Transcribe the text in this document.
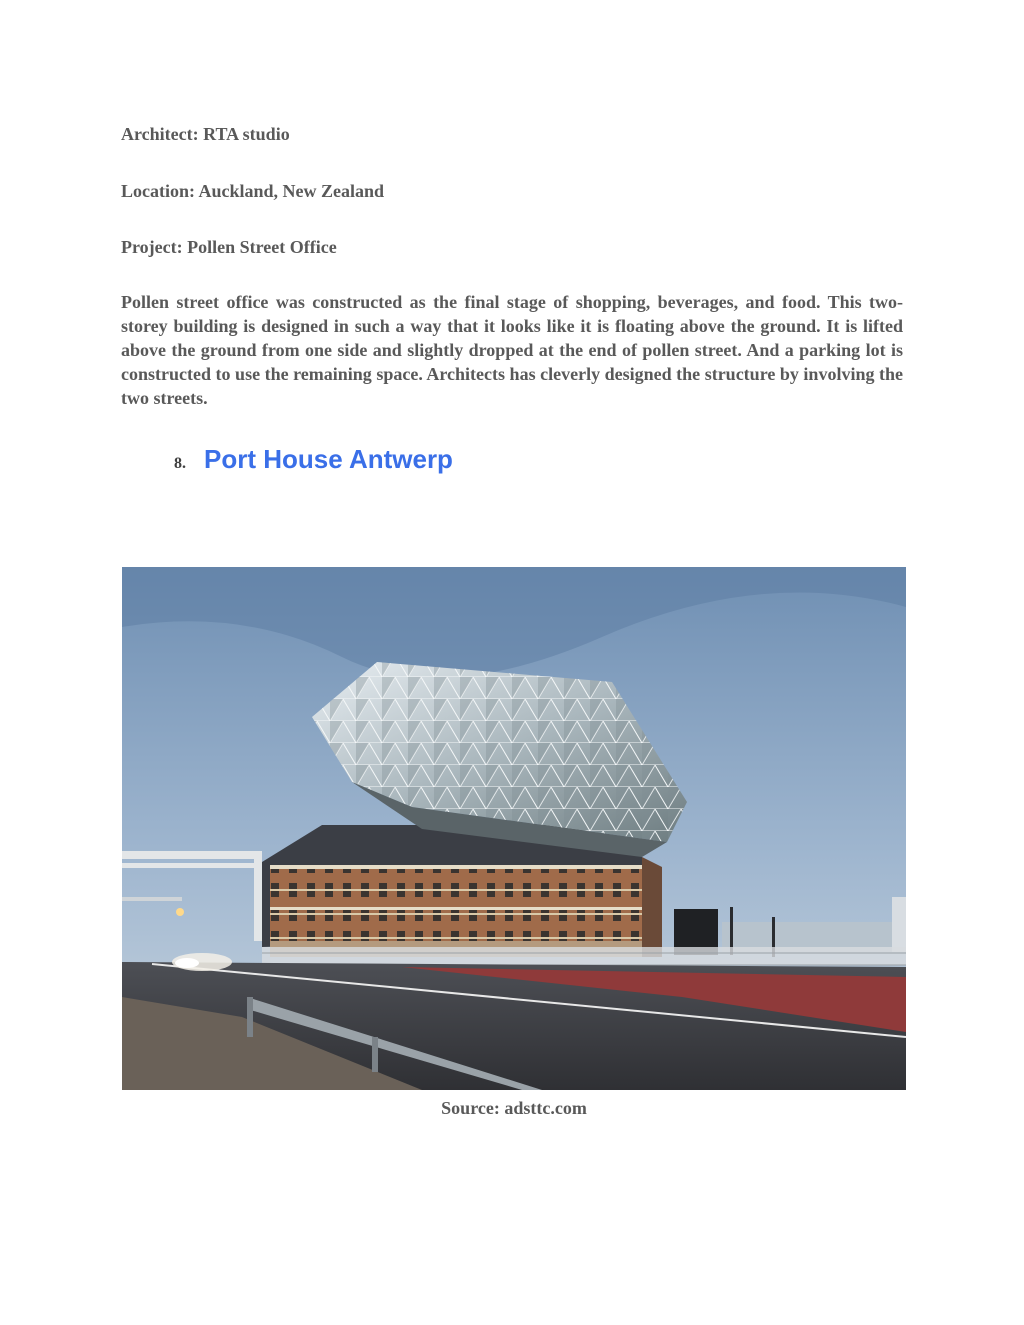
Architect: RTA studio

Location: Auckland, New Zealand

Project: Pollen Street Office

Pollen street office was constructed as the final stage of shopping, beverages, and food. This two-storey building is designed in such a way that it looks like it is floating above the ground. It is lifted above the ground from one side and slightly dropped at the end of pollen street. And a parking lot is constructed to use the remaining space. Architects has cleverly designed the structure by involving the two streets.

8. Port House Antwerp

Source: adsttc.com
